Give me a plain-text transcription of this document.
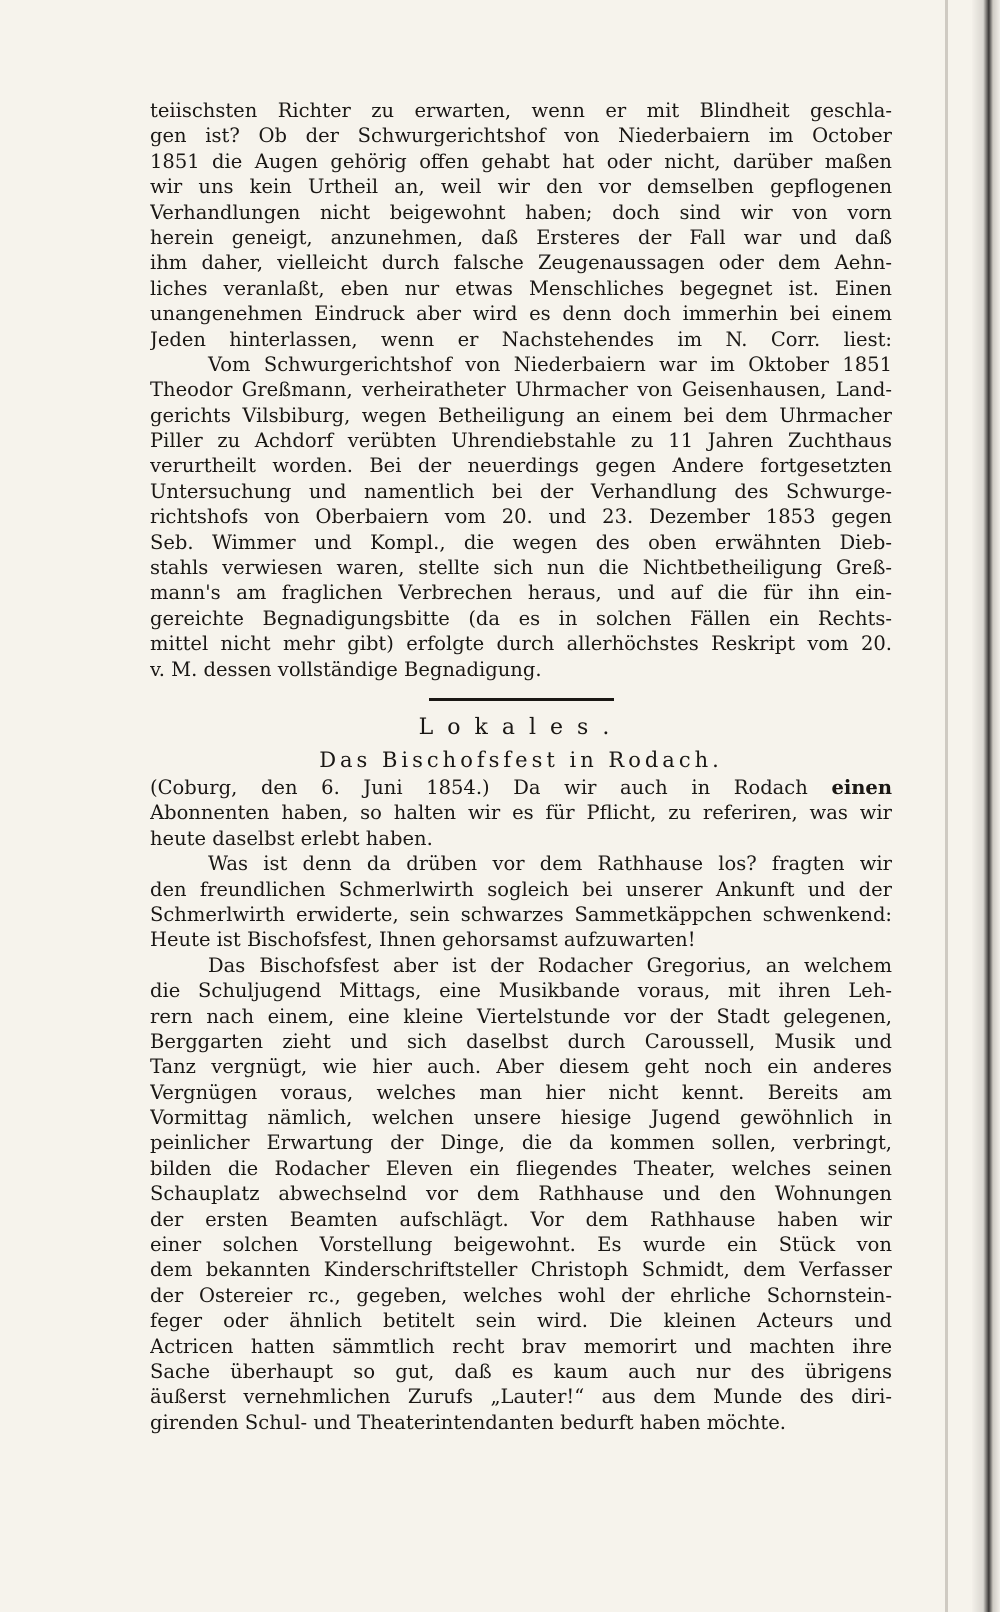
teiischsten Richter zu erwarten, wenn er mit Blindheit geschla-
gen ist? Ob der Schwurgerichtshof von Niederbaiern im October
1851 die Augen gehörig offen gehabt hat oder nicht, darüber maßen
wir uns kein Urtheil an, weil wir den vor demselben gepflogenen
Verhandlungen nicht beigewohnt haben; doch sind wir von vorn
herein geneigt, anzunehmen, daß Ersteres der Fall war und daß
ihm daher, vielleicht durch falsche Zeugenaussagen oder dem Aehn-
liches veranlaßt, eben nur etwas Menschliches begegnet ist. Einen
unangenehmen Eindruck aber wird es denn doch immerhin bei einem
Jeden hinterlassen, wenn er Nachstehendes im N. Corr. liest:
Vom Schwurgerichtshof von Niederbaiern war im Oktober 1851
Theodor Greßmann, verheiratheter Uhrmacher von Geisenhausen, Land-
gerichts Vilsbiburg, wegen Betheiligung an einem bei dem Uhrmacher
Piller zu Achdorf verübten Uhrendiebstahle zu 11 Jahren Zuchthaus
verurtheilt worden. Bei der neuerdings gegen Andere fortgesetzten
Untersuchung und namentlich bei der Verhandlung des Schwurge-
richtshofs von Oberbaiern vom 20. und 23. Dezember 1853 gegen
Seb. Wimmer und Kompl., die wegen des oben erwähnten Dieb-
stahls verwiesen waren, stellte sich nun die Nichtbetheiligung Greß-
mann's am fraglichen Verbrechen heraus, und auf die für ihn ein-
gereichte Begnadigungsbitte (da es in solchen Fällen ein Rechts-
mittel nicht mehr gibt) erfolgte durch allerhöchstes Reskript vom 20.
v. M. dessen vollständige Begnadigung.
Lokales.
Das Bischofsfest in Rodach.
(Coburg, den 6. Juni 1854.) Da wir auch in Rodach einen
Abonnenten haben, so halten wir es für Pflicht, zu referiren, was wir
heute daselbst erlebt haben.
Was ist denn da drüben vor dem Rathhause los? fragten wir
den freundlichen Schmerlwirth sogleich bei unserer Ankunft und der
Schmerlwirth erwiderte, sein schwarzes Sammetkäppchen schwenkend:
Heute ist Bischofsfest, Ihnen gehorsamst aufzuwarten!
Das Bischofsfest aber ist der Rodacher Gregorius, an welchem
die Schuljugend Mittags, eine Musikbande voraus, mit ihren Leh-
rern nach einem, eine kleine Viertelstunde vor der Stadt gelegenen,
Berggarten zieht und sich daselbst durch Caroussell, Musik und
Tanz vergnügt, wie hier auch. Aber diesem geht noch ein anderes
Vergnügen voraus, welches man hier nicht kennt. Bereits am
Vormittag nämlich, welchen unsere hiesige Jugend gewöhnlich in
peinlicher Erwartung der Dinge, die da kommen sollen, verbringt,
bilden die Rodacher Eleven ein fliegendes Theater, welches seinen
Schauplatz abwechselnd vor dem Rathhause und den Wohnungen
der ersten Beamten aufschlägt. Vor dem Rathhause haben wir
einer solchen Vorstellung beigewohnt. Es wurde ein Stück von
dem bekannten Kinderschriftsteller Christoph Schmidt, dem Verfasser
der Ostereier rc., gegeben, welches wohl der ehrliche Schornstein-
feger oder ähnlich betitelt sein wird. Die kleinen Acteurs und
Actricen hatten sämmtlich recht brav memorirt und machten ihre
Sache überhaupt so gut, daß es kaum auch nur des übrigens
äußerst vernehmlichen Zurufs „Lauter!“ aus dem Munde des diri-
girenden Schul- und Theaterintendanten bedurft haben möchte.
